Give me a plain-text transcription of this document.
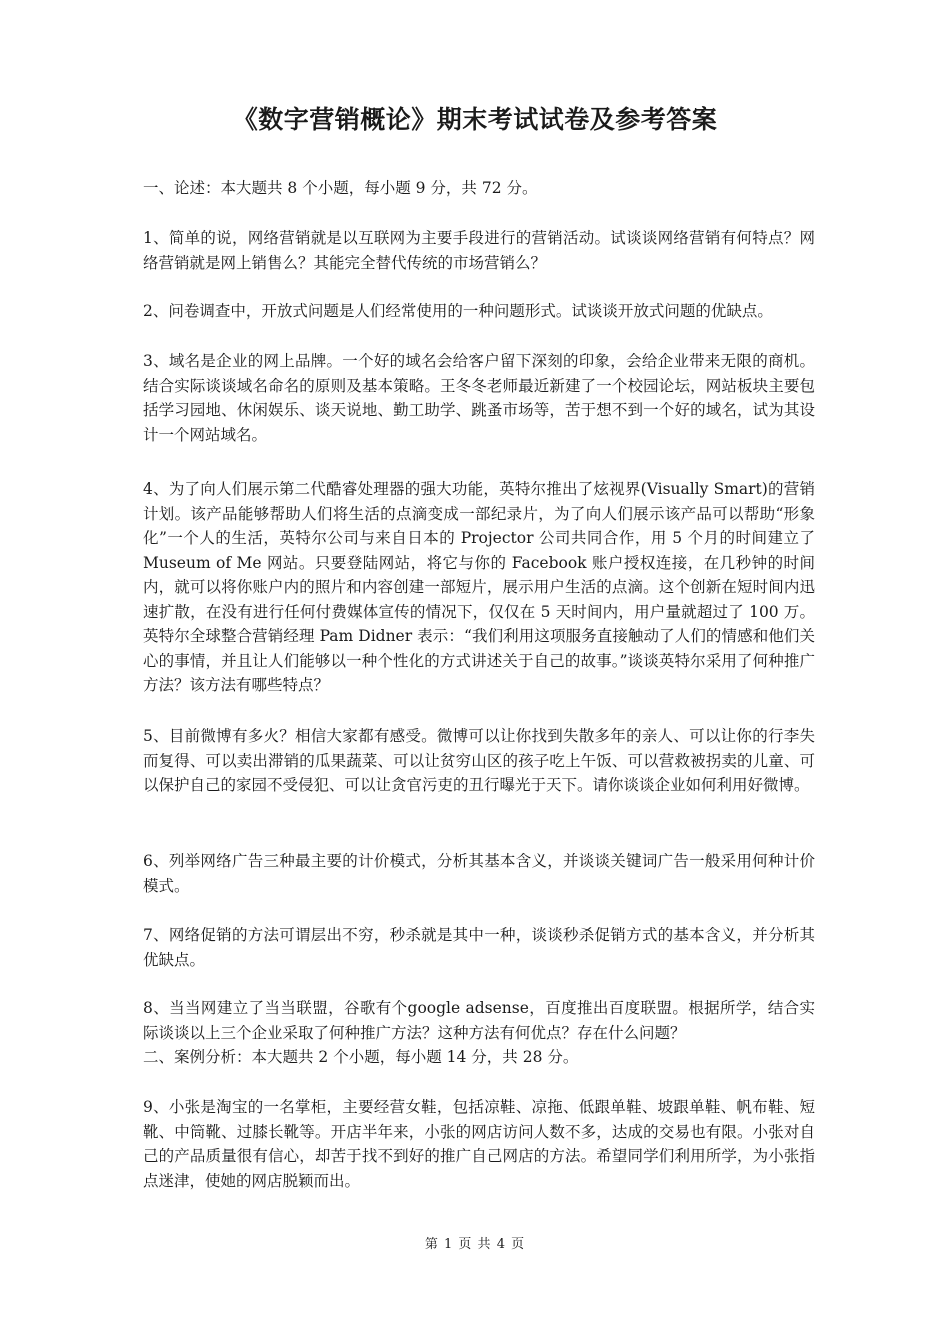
《数字营销概论》期末考试试卷及参考答案

一、论述：本大题共 8 个小题，每小题 9 分，共 72 分。

1、简单的说，网络营销就是以互联网为主要手段进行的营销活动。试谈谈网络营销有何特点？网络营销就是网上销售么？其能完全替代传统的市场营销么？

2、问卷调查中，开放式问题是人们经常使用的一种问题形式。试谈谈开放式问题的优缺点。

3、域名是企业的网上品牌。一个好的域名会给客户留下深刻的印象，会给企业带来无限的商机。结合实际谈谈域名命名的原则及基本策略。王冬冬老师最近新建了一个校园论坛，网站板块主要包括学习园地、休闲娱乐、谈天说地、勤工助学、跳蚤市场等，苦于想不到一个好的域名，试为其设计一个网站域名。

4、为了向人们展示第二代酷睿处理器的强大功能，英特尔推出了炫视界(Visually Smart)的营销计划。该产品能够帮助人们将生活的点滴变成一部纪录片，为了向人们展示该产品可以帮助“形象化”一个人的生活，英特尔公司与来自日本的 Projector 公司共同合作，用 5 个月的时间建立了 Museum of Me 网站。只要登陆网站，将它与你的 Facebook 账户授权连接，在几秒钟的时间内，就可以将你账户内的照片和内容创建一部短片，展示用户生活的点滴。这个创新在短时间内迅速扩散，在没有进行任何付费媒体宣传的情况下，仅仅在 5 天时间内，用户量就超过了 100 万。英特尔全球整合营销经理 Pam Didner 表示：“我们利用这项服务直接触动了人们的情感和他们关心的事情，并且让人们能够以一种个性化的方式讲述关于自己的故事。”谈谈英特尔采用了何种推广方法？该方法有哪些特点？

5、目前微博有多火？相信大家都有感受。微博可以让你找到失散多年的亲人、可以让你的行李失而复得、可以卖出滞销的瓜果蔬菜、可以让贫穷山区的孩子吃上午饭、可以营救被拐卖的儿童、可以保护自己的家园不受侵犯、可以让贪官污吏的丑行曝光于天下。请你谈谈企业如何利用好微博。

6、列举网络广告三种最主要的计价模式，分析其基本含义，并谈谈关键词广告一般采用何种计价模式。

7、网络促销的方法可谓层出不穷，秒杀就是其中一种，谈谈秒杀促销方式的基本含义，并分析其优缺点。

8、当当网建立了当当联盟，谷歌有个google adsense，百度推出百度联盟。根据所学，结合实际谈谈以上三个企业采取了何种推广方法？这种方法有何优点？存在什么问题？

二、案例分析：本大题共 2 个小题，每小题 14 分，共 28 分。

9、小张是淘宝的一名掌柜，主要经营女鞋，包括凉鞋、凉拖、低跟单鞋、坡跟单鞋、帆布鞋、短靴、中筒靴、过膝长靴等。开店半年来，小张的网店访问人数不多，达成的交易也有限。小张对自己的产品质量很有信心，却苦于找不到好的推广自己网店的方法。希望同学们利用所学，为小张指点迷津，使她的网店脱颖而出。

第 1 页 共 4 页
